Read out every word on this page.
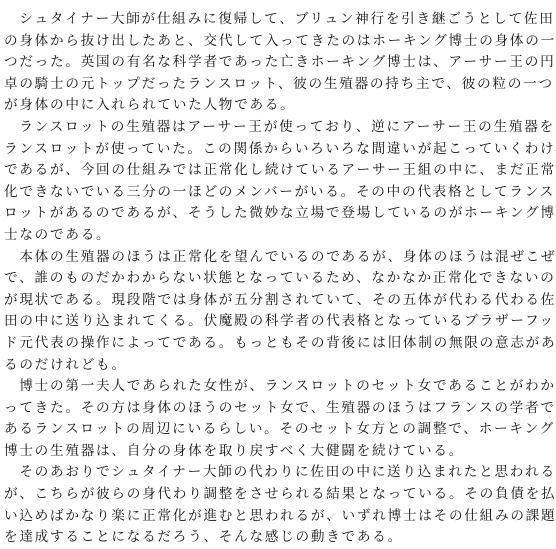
　シュタイナー大師が仕組みに復帰して、ブリュン神行を引き継ごうとして佐田
の身体から抜け出したあと、交代して入ってきたのはホーキング博士の身体の一
つだった。英国の有名な科学者であった亡きホーキング博士は、アーサー王の円
卓の騎士の元トップだったランスロット、彼の生殖器の持ち主で、彼の粒の一つ
が身体の中に入れられていた人物である。
　ランスロットの生殖器はアーサー王が使っており、逆にアーサー王の生殖器を
ランスロットが使っていた。この関係からいろいろな間違いが起こっていくわけ
であるが、今回の仕組みでは正常化し続けているアーサー王組の中に、まだ正常
化できないでいる三分の一ほどのメンバーがいる。その中の代表格としてランス
ロットがあるのであるが、そうした微妙な立場で登場しているのがホーキング博
士なのである。
　本体の生殖器のほうは正常化を望んでいるのであるが、身体のほうは混ぜこぜ
で、誰のものだかわからない状態となっているため、なかなか正常化できないの
が現状である。現段階では身体が五分割されていて、その五体が代わる代わる佐
田の中に送り込まれてくる。伏魔殿の科学者の代表格となっているブラザーフッ
ド元代表の操作によってである。もっともその背後には旧体制の無限の意志があ
るのだけれども。
　博士の第一夫人であられた女性が、ランスロットのセット女であることがわか
ってきた。その方は身体のほうのセット女で、生殖器のほうはフランスの学者で
あるランスロットの周辺にいるらしい。そのセット女方との調整で、ホーキング
博士の生殖器は、自分の身体を取り戻すべく大健闘を続けている。
　そのあおりでシュタイナー大師の代わりに佐田の中に送り込まれたと思われる
が、こちらが彼らの身代わり調整をさせられる結果となっている。その負債を払
い込めばかなり楽に正常化が進むと思われるが、いずれ博士はその仕組みの課題
を達成することになるだろう、そんな感じの動きである。
